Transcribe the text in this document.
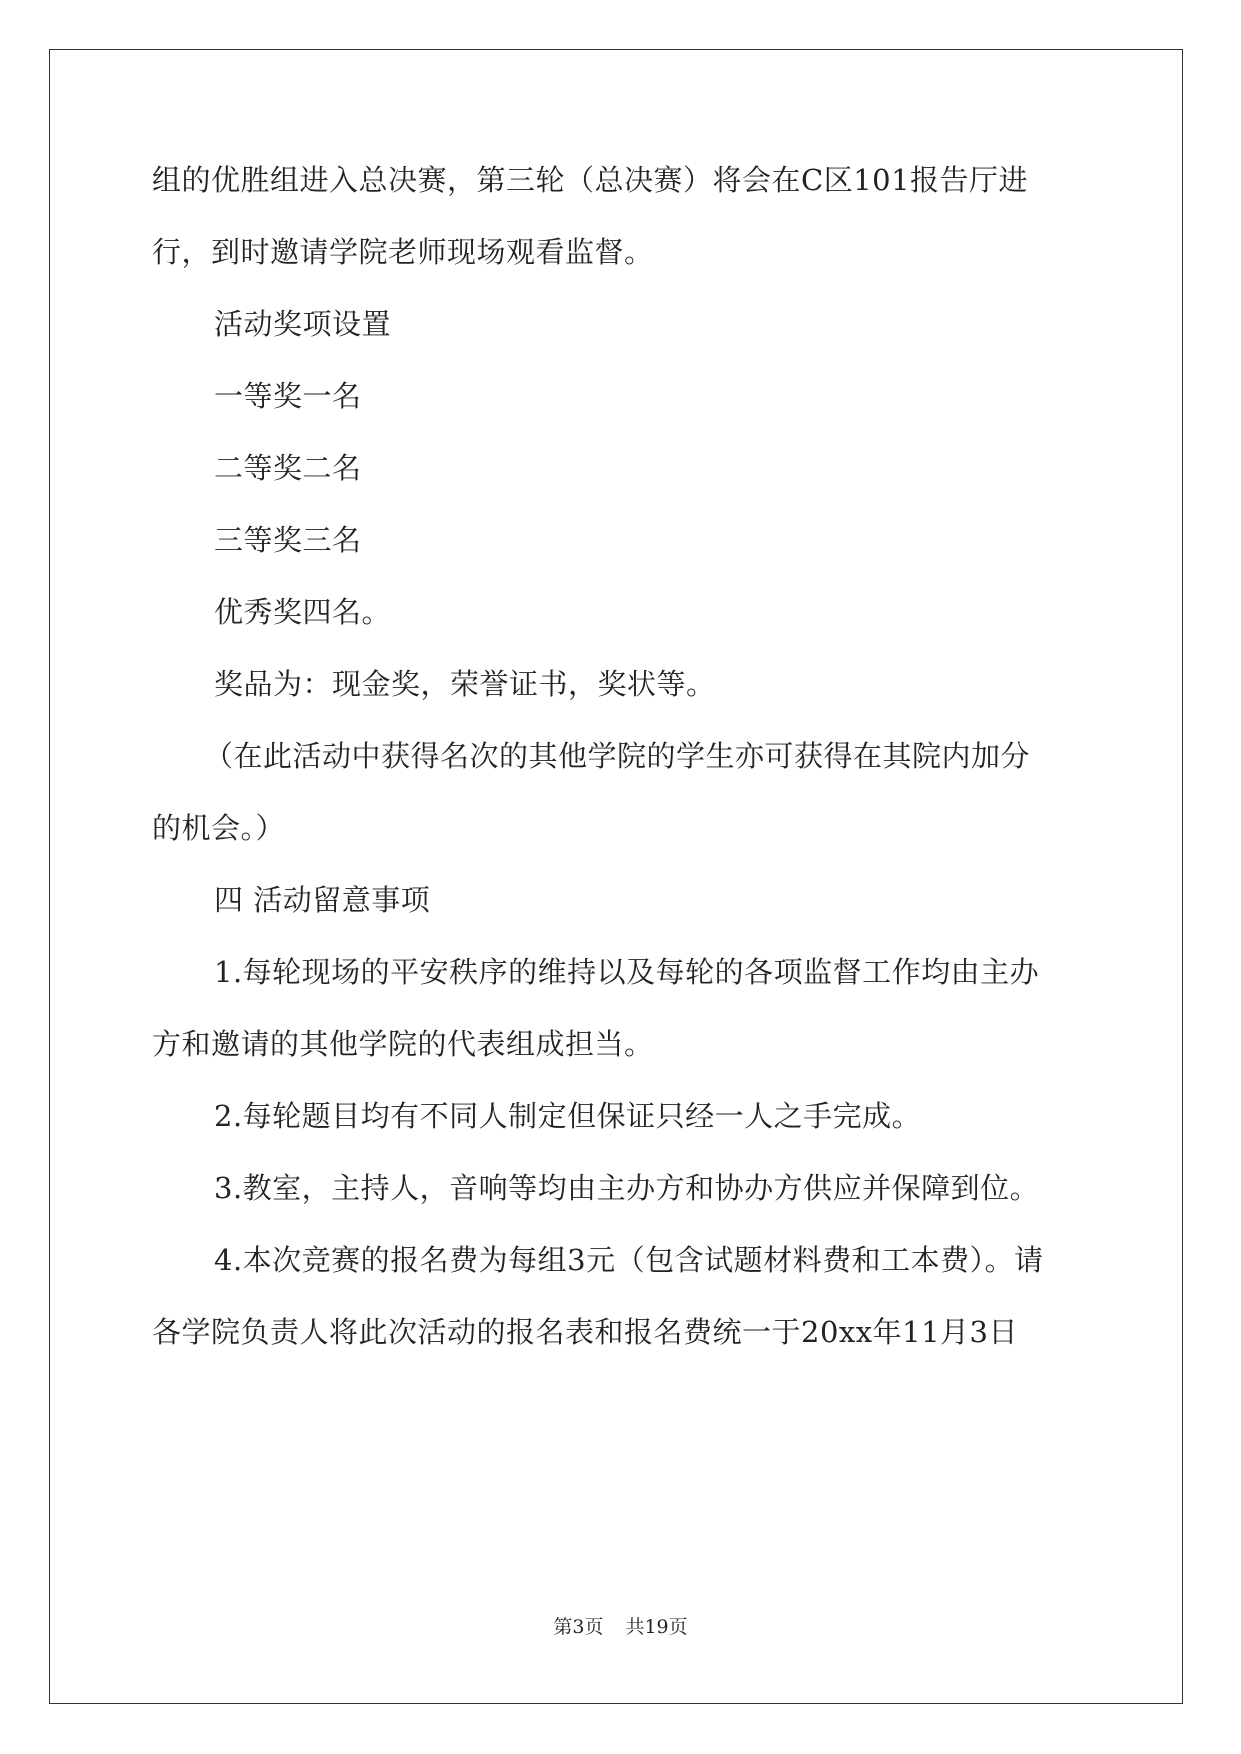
组的优胜组进入总决赛，第三轮（总决赛）将会在C区101报告厅进
行，到时邀请学院老师现场观看监督。
活动奖项设置
一等奖一名
二等奖二名
三等奖三名
优秀奖四名。
奖品为：现金奖，荣誉证书，奖状等。
（在此活动中获得名次的其他学院的学生亦可获得在其院内加分
的机会。）
四 活动留意事项
1.每轮现场的平安秩序的维持以及每轮的各项监督工作均由主办
方和邀请的其他学院的代表组成担当。
2.每轮题目均有不同人制定但保证只经一人之手完成。
3.教室，主持人，音响等均由主办方和协办方供应并保障到位。
4.本次竞赛的报名费为每组3元（包含试题材料费和工本费）。请
各学院负责人将此次活动的报名表和报名费统一于20xx年11月3日
第3页 共19页
